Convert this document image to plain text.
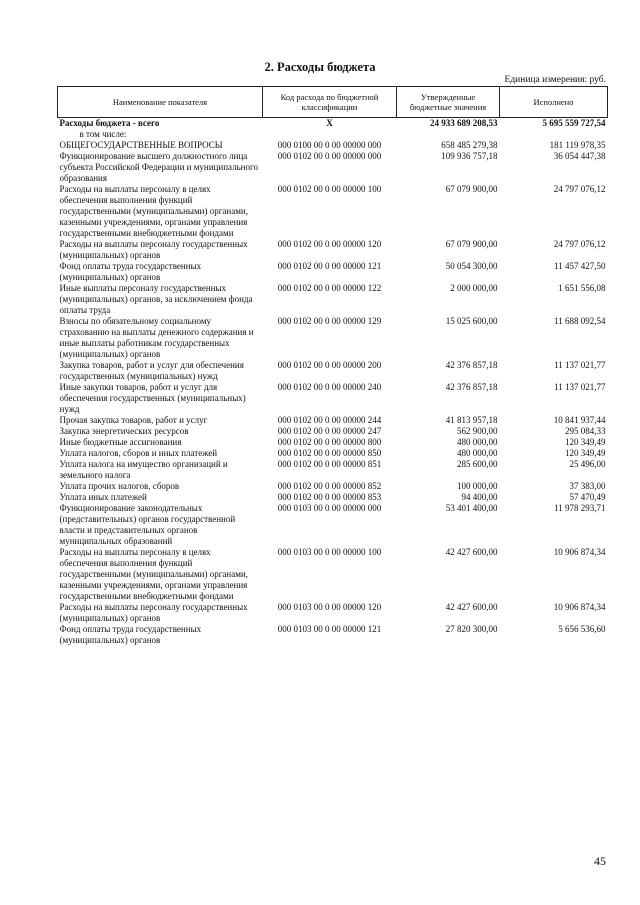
2. Расходы бюджета
Единица измерения: руб.
Наименование показателя	Код расхода по бюджетной классификации	Утвержденные бюджетные значения	Исполнено
Расходы бюджета - всего	X	24 933 689 208,53	5 695 559 727,54
в том числе:			
ОБЩЕГОСУДАРСТВЕННЫЕ ВОПРОСЫ	000 0100 00 0 00 00000 000	658 485 279,38	181 119 978,35
Функционирование высшего должностного лица субъекта Российской Федерации и муниципального образования	000 0102 00 0 00 00000 000	109 936 757,18	36 054 447,38
Расходы на выплаты персоналу в целях обеспечения выполнения функций государственными (муниципальными) органами, казенными учреждениями, органами управления государственными внебюджетными фондами	000 0102 00 0 00 00000 100	67 079 900,00	24 797 076,12
Расходы на выплаты персоналу государственных (муниципальных) органов	000 0102 00 0 00 00000 120	67 079 900,00	24 797 076,12
Фонд оплаты труда государственных (муниципальных) органов	000 0102 00 0 00 00000 121	50 054 300,00	11 457 427,50
Иные выплаты персоналу государственных (муниципальных) органов, за исключением фонда оплаты труда	000 0102 00 0 00 00000 122	2 000 000,00	1 651 556,08
Взносы по обязательному социальному страхованию на выплаты денежного содержания и иные выплаты работникам государственных (муниципальных) органов	000 0102 00 0 00 00000 129	15 025 600,00	11 688 092,54
Закупка товаров, работ и услуг для обеспечения государственных (муниципальных) нужд	000 0102 00 0 00 00000 200	42 376 857,18	11 137 021,77
Иные закупки товаров, работ и услуг для обеспечения государственных (муниципальных) нужд	000 0102 00 0 00 00000 240	42 376 857,18	11 137 021,77
Прочая закупка товаров, работ и услуг	000 0102 00 0 00 00000 244	41 813 957,18	10 841 937,44
Закупка энергетических ресурсов	000 0102 00 0 00 00000 247	562 900,00	295 084,33
Иные бюджетные ассигнования	000 0102 00 0 00 00000 800	480 000,00	120 349,49
Уплата налогов, сборов и иных платежей	000 0102 00 0 00 00000 850	480 000,00	120 349,49
Уплата налога на имущество организаций и земельного налога	000 0102 00 0 00 00000 851	285 600,00	25 496,00
Уплата прочих налогов, сборов	000 0102 00 0 00 00000 852	100 000,00	37 383,00
Уплата иных платежей	000 0102 00 0 00 00000 853	94 400,00	57 470,49
Функционирование законодательных (представительных) органов государственной власти и представительных органов муниципальных образований	000 0103 00 0 00 00000 000	53 401 400,00	11 978 293,71
Расходы на выплаты персоналу в целях обеспечения выполнения функций государственными (муниципальными) органами, казенными учреждениями, органами управления государственными внебюджетными фондами	000 0103 00 0 00 00000 100	42 427 600,00	10 906 874,34
Расходы на выплаты персоналу государственных (муниципальных) органов	000 0103 00 0 00 00000 120	42 427 600,00	10 906 874,34
Фонд оплаты труда государственных (муниципальных) органов	000 0103 00 0 00 00000 121	27 820 300,00	5 656 536,60
45
